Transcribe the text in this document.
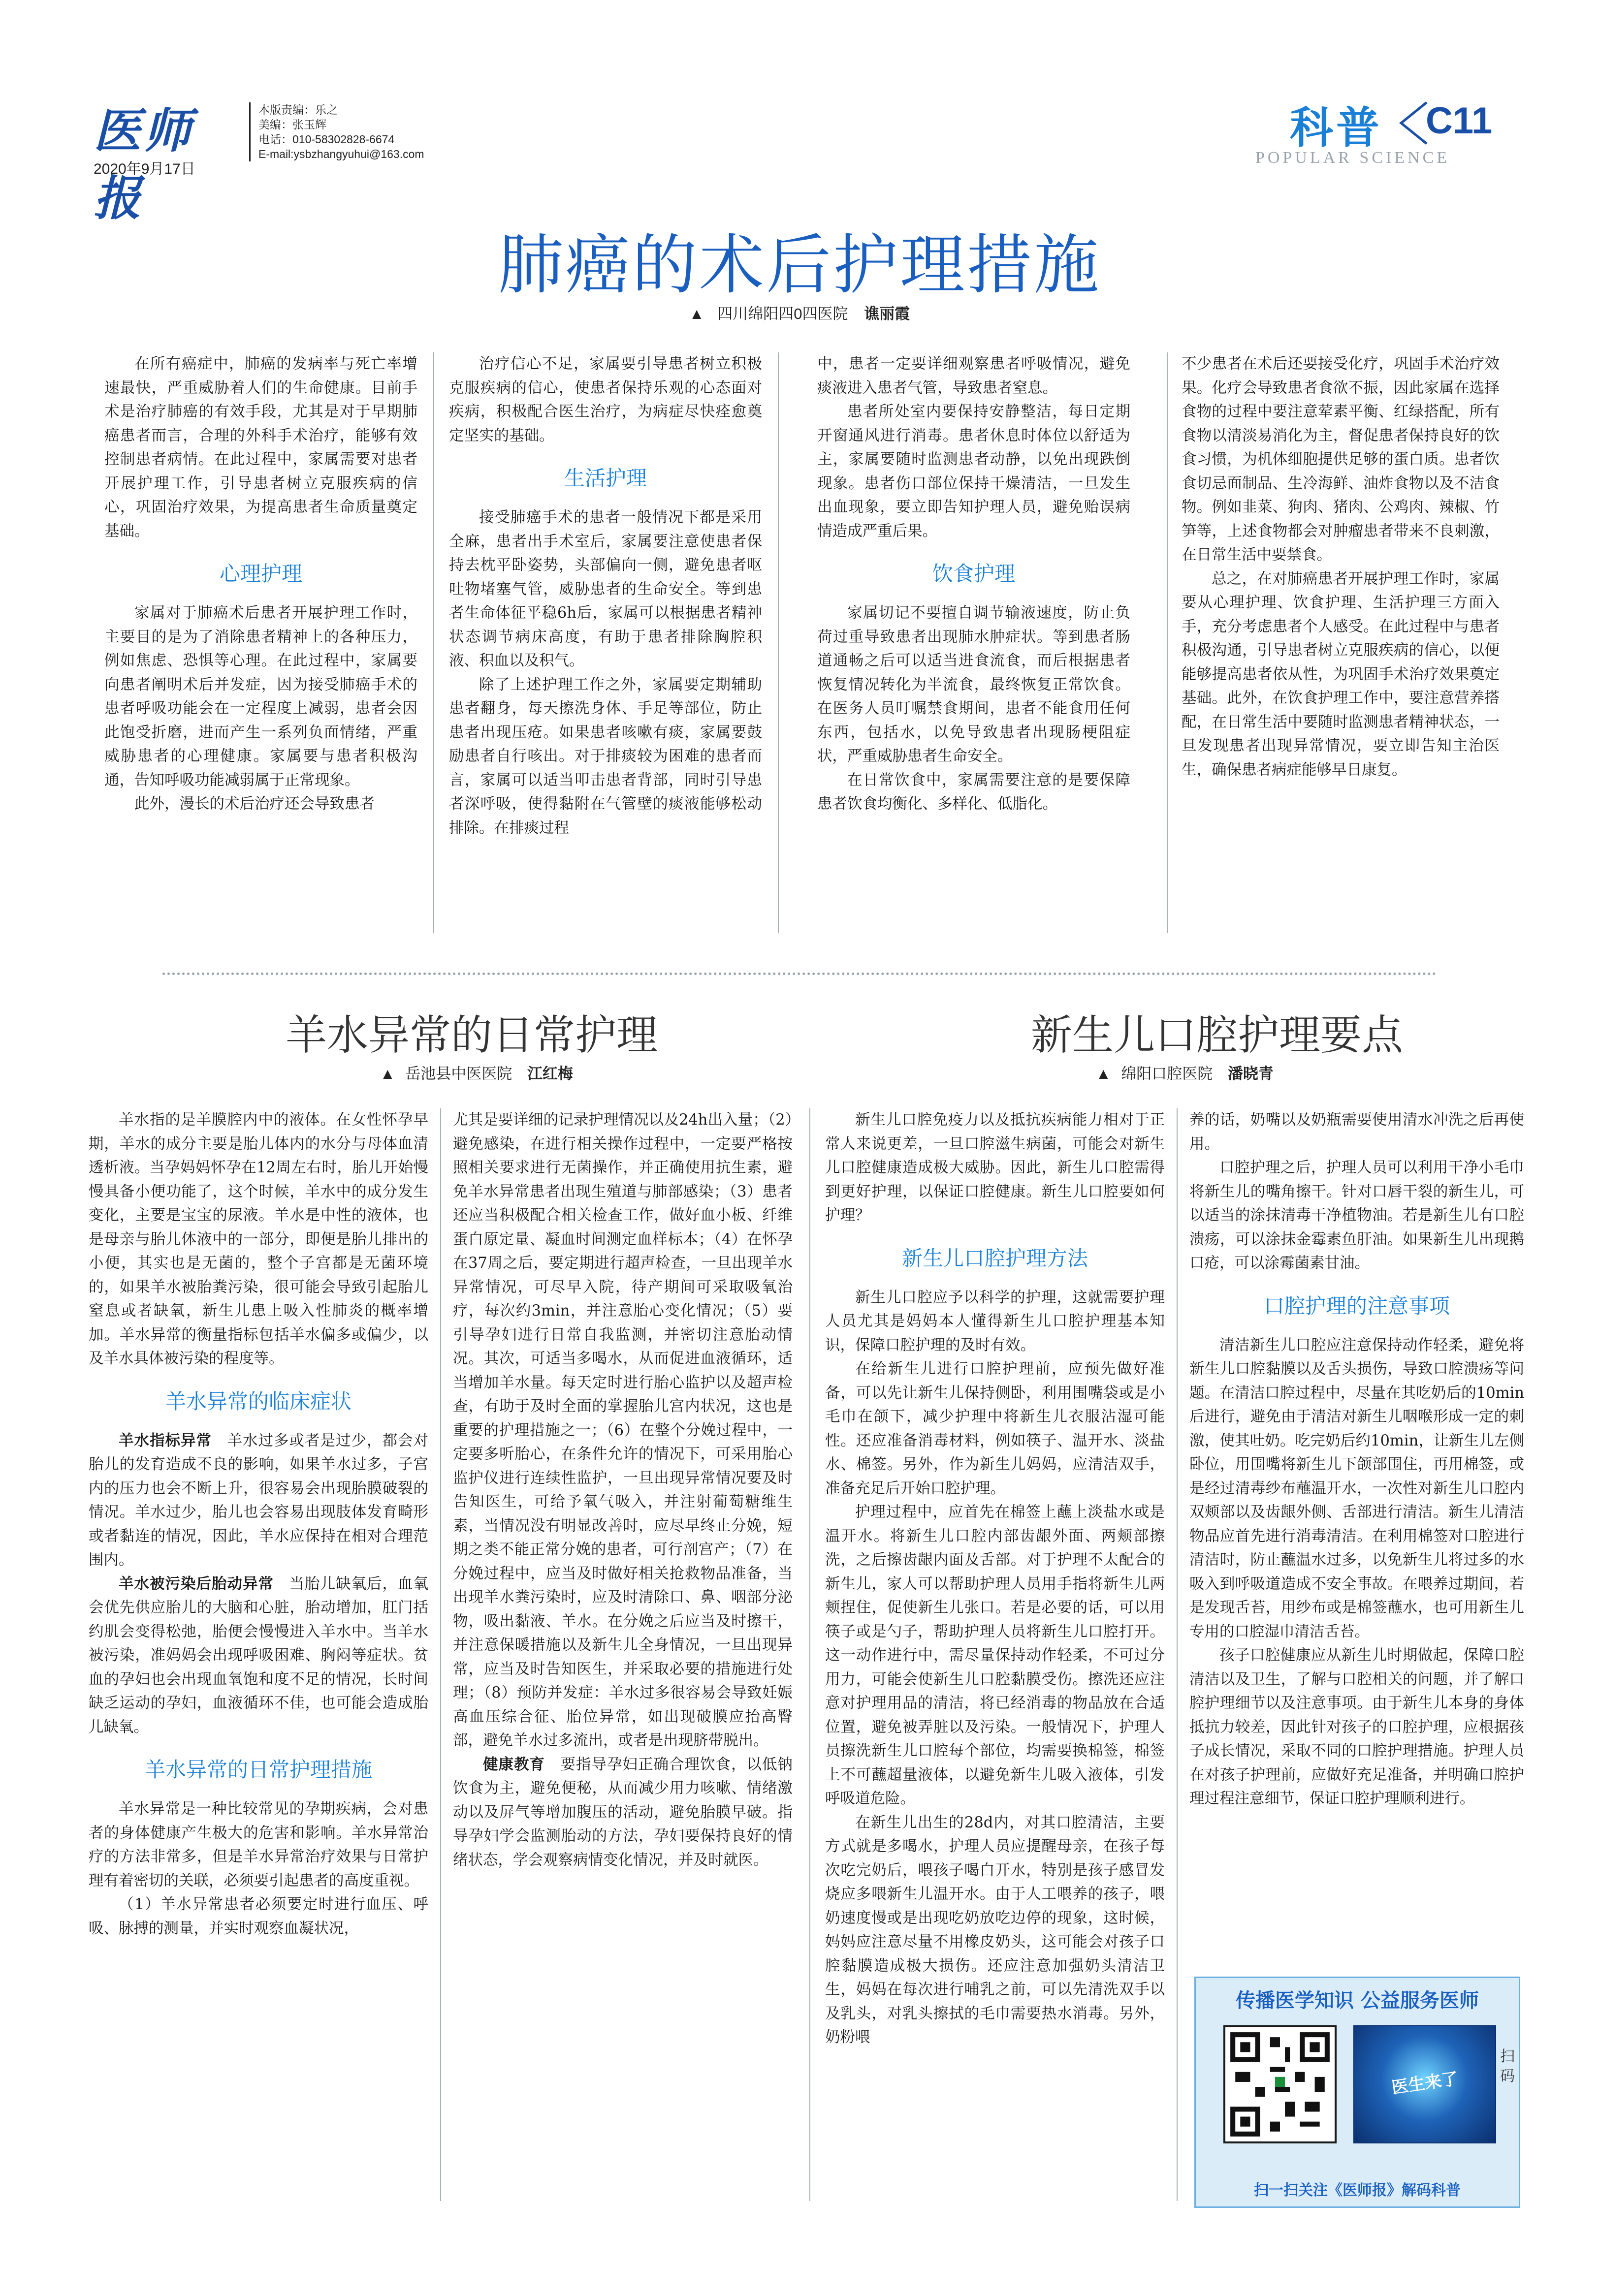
医师报
2020年9月17日
本版责编：乐之
美编：张玉辉
电话：010-58302828-6674
E-mail:ysbzhangyuhui@163.com
科普 C11
POPULAR SCIENCE
肺癌的术后护理措施
▲ 四川绵阳四0四医院 谯丽霞

在所有癌症中，肺癌的发病率与死亡率增速最快，严重威胁着人们的生命健康。目前手术是治疗肺癌的有效手段，尤其是对于早期肺癌患者而言，合理的外科手术治疗，能够有效控制患者病情。在此过程中，家属需要对患者开展护理工作，引导患者树立克服疾病的信心，巩固治疗效果，为提高患者生命质量奠定基础。

心理护理

家属对于肺癌术后患者开展护理工作时，主要目的是为了消除患者精神上的各种压力，例如焦虑、恐惧等心理。在此过程中，家属要向患者阐明术后并发症，因为接受肺癌手术的患者呼吸功能会在一定程度上减弱，患者会因此饱受折磨，进而产生一系列负面情绪，严重威胁患者的心理健康。家属要与患者积极沟通，告知呼吸功能减弱属于正常现象。

此外，漫长的术后治疗还会导致患者

治疗信心不足，家属要引导患者树立积极克服疾病的信心，使患者保持乐观的心态面对疾病，积极配合医生治疗，为病症尽快痊愈奠定坚实的基础。

生活护理

接受肺癌手术的患者一般情况下都是采用全麻，患者出手术室后，家属要注意使患者保持去枕平卧姿势，头部偏向一侧，避免患者呕吐物堵塞气管，威胁患者的生命安全。等到患者生命体征平稳6h后，家属可以根据患者精神状态调节病床高度，有助于患者排除胸腔积液、积血以及积气。

除了上述护理工作之外，家属要定期辅助患者翻身，每天擦洗身体、手足等部位，防止患者出现压疮。如果患者咳嗽有痰，家属要鼓励患者自行咳出。对于排痰较为困难的患者而言，家属可以适当叩击患者背部，同时引导患者深呼吸，使得黏附在气管壁的痰液能够松动排除。在排痰过程

中，患者一定要详细观察患者呼吸情况，避免痰液进入患者气管，导致患者窒息。

患者所处室内要保持安静整洁，每日定期开窗通风进行消毒。患者休息时体位以舒适为主，家属要随时监测患者动静，以免出现跌倒现象。患者伤口部位保持干燥清洁，一旦发生出血现象，要立即告知护理人员，避免贻误病情造成严重后果。

饮食护理

家属切记不要擅自调节输液速度，防止负荷过重导致患者出现肺水肿症状。等到患者肠道通畅之后可以适当进食流食，而后根据患者恢复情况转化为半流食，最终恢复正常饮食。在医务人员叮嘱禁食期间，患者不能食用任何东西，包括水，以免导致患者出现肠梗阻症状，严重威胁患者生命安全。

在日常饮食中，家属需要注意的是要保障患者饮食均衡化、多样化、低脂化。

不少患者在术后还要接受化疗，巩固手术治疗效果。化疗会导致患者食欲不振，因此家属在选择食物的过程中要注意荤素平衡、红绿搭配，所有食物以清淡易消化为主，督促患者保持良好的饮食习惯，为机体细胞提供足够的蛋白质。患者饮食切忌面制品、生冷海鲜、油炸食物以及不洁食物。例如韭菜、狗肉、猪肉、公鸡肉、辣椒、竹笋等，上述食物都会对肿瘤患者带来不良刺激，在日常生活中要禁食。

总之，在对肺癌患者开展护理工作时，家属要从心理护理、饮食护理、生活护理三方面入手，充分考虑患者个人感受。在此过程中与患者积极沟通，引导患者树立克服疾病的信心，以便能够提高患者依从性，为巩固手术治疗效果奠定基础。此外，在饮食护理工作中，要注意营养搭配，在日常生活中要随时监测患者精神状态，一旦发现患者出现异常情况，要立即告知主治医生，确保患者病症能够早日康复。

羊水异常的日常护理
▲ 岳池县中医医院 江红梅

羊水指的是羊膜腔内中的液体。在女性怀孕早期，羊水的成分主要是胎儿体内的水分与母体血清透析液。当孕妈妈怀孕在12周左右时，胎儿开始慢慢具备小便功能了，这个时候，羊水中的成分发生变化，主要是宝宝的尿液。羊水是中性的液体，也是母亲与胎儿体液中的一部分，即便是胎儿排出的小便，其实也是无菌的，整个子宫都是无菌环境的，如果羊水被胎粪污染，很可能会导致引起胎儿窒息或者缺氧，新生儿患上吸入性肺炎的概率增加。羊水异常的衡量指标包括羊水偏多或偏少，以及羊水具体被污染的程度等。

羊水异常的临床症状

羊水指标异常　 羊水过多或者是过少，都会对胎儿的发育造成不良的影响，如果羊水过多，子宫内的压力也会不断上升，很容易会出现胎膜破裂的情况。羊水过少，胎儿也会容易出现肢体发育畸形或者黏连的情况，因此，羊水应保持在相对合理范围内。

羊水被污染后胎动异常　 当胎儿缺氧后，血氧会优先供应胎儿的大脑和心脏，胎动增加，肛门括约肌会变得松弛，胎便会慢慢进入羊水中。当羊水被污染，准妈妈会出现呼吸困难、胸闷等症状。贫血的孕妇也会出现血氧饱和度不足的情况，长时间缺乏运动的孕妇，血液循环不佳，也可能会造成胎儿缺氧。

羊水异常的日常护理措施

羊水异常是一种比较常见的孕期疾病，会对患者的身体健康产生极大的危害和影响。羊水异常治疗的方法非常多，但是羊水异常治疗效果与日常护理有着密切的关联，必须要引起患者的高度重视。

（1）羊水异常患者必须要定时进行血压、呼吸、脉搏的测量，并实时观察血凝状况，

尤其是要详细的记录护理情况以及24h出入量；（2）避免感染，在进行相关操作过程中，一定要严格按照相关要求进行无菌操作，并正确使用抗生素，避免羊水异常患者出现生殖道与肺部感染；（3）患者还应当积极配合相关检查工作，做好血小板、纤维蛋白原定量、凝血时间测定血样标本；（4）在怀孕在37周之后，要定期进行超声检查，一旦出现羊水异常情况，可尽早入院，待产期间可采取吸氧治疗，每次约3min，并注意胎心变化情况；（5）要引导孕妇进行日常自我监测，并密切注意胎动情况。其次，可适当多喝水，从而促进血液循环，适当增加羊水量。每天定时进行胎心监护以及超声检查，有助于及时全面的掌握胎儿宫内状况，这也是重要的护理措施之一；（6）在整个分娩过程中，一定要多听胎心，在条件允许的情况下，可采用胎心监护仪进行连续性监护，一旦出现异常情况要及时告知医生，可给予氧气吸入，并注射葡萄糖维生素，当情况没有明显改善时，应尽早终止分娩，短期之类不能正常分娩的患者，可行剖宫产；（7）在分娩过程中，应当及时做好相关抢救物品准备，当出现羊水粪污染时，应及时清除口、鼻、咽部分泌物，吸出黏液、羊水。在分娩之后应当及时擦干，并注意保暖措施以及新生儿全身情况，一旦出现异常，应当及时告知医生，并采取必要的措施进行处理；（8）预防并发症：羊水过多很容易会导致妊娠高血压综合征、胎位异常，如出现破膜应抬高臀部，避免羊水过多流出，或者是出现脐带脱出。

健康教育　 要指导孕妇正确合理饮食，以低钠饮食为主，避免便秘，从而减少用力咳嗽、情绪激动以及屏气等增加腹压的活动，避免胎膜早破。指导孕妇学会监测胎动的方法，孕妇要保持良好的情绪状态，学会观察病情变化情况，并及时就医。

新生儿口腔护理要点
▲ 绵阳口腔医院 潘晓青

新生儿口腔免疫力以及抵抗疾病能力相对于正常人来说更差，一旦口腔滋生病菌，可能会对新生儿口腔健康造成极大威胁。因此，新生儿口腔需得到更好护理，以保证口腔健康。新生儿口腔要如何护理？

新生儿口腔护理方法

新生儿口腔应予以科学的护理，这就需要护理人员尤其是妈妈本人懂得新生儿口腔护理基本知识，保障口腔护理的及时有效。

在给新生儿进行口腔护理前，应预先做好准备，可以先让新生儿保持侧卧，利用围嘴袋或是小毛巾在颌下，减少护理中将新生儿衣服沾湿可能性。还应准备消毒材料，例如筷子、温开水、淡盐水、棉签。另外，作为新生儿妈妈，应清洁双手，准备充足后开始口腔护理。

护理过程中，应首先在棉签上蘸上淡盐水或是温开水。将新生儿口腔内部齿龈外面、两颊部擦洗，之后擦齿龈内面及舌部。对于护理不太配合的新生儿，家人可以帮助护理人员用手指将新生儿两颊捏住，促使新生儿张口。若是必要的话，可以用筷子或是勺子，帮助护理人员将新生儿口腔打开。这一动作进行中，需尽量保持动作轻柔，不可过分用力，可能会使新生儿口腔黏膜受伤。擦洗还应注意对护理用品的清洁，将已经消毒的物品放在合适位置，避免被弄脏以及污染。一般情况下，护理人员擦洗新生儿口腔每个部位，均需要换棉签，棉签上不可蘸超量液体，以避免新生儿吸入液体，引发呼吸道危险。

在新生儿出生的28d内，对其口腔清洁，主要方式就是多喝水，护理人员应提醒母亲，在孩子每次吃完奶后，喂孩子喝白开水，特别是孩子感冒发烧应多喂新生儿温开水。由于人工喂养的孩子，喂奶速度慢或是出现吃奶放吃边停的现象，这时候，妈妈应注意尽量不用橡皮奶头，这可能会对孩子口腔黏膜造成极大损伤。还应注意加强奶头清洁卫生，妈妈在每次进行哺乳之前，可以先清洗双手以及乳头，对乳头擦拭的毛巾需要热水消毒。另外，奶粉喂

养的话，奶嘴以及奶瓶需要使用清水冲洗之后再使用。

口腔护理之后，护理人员可以利用干净小毛巾将新生儿的嘴角擦干。针对口唇干裂的新生儿，可以适当的涂抹清毒干净植物油。若是新生儿有口腔溃疡，可以涂抹金霉素鱼肝油。如果新生儿出现鹅口疮，可以涂霉菌素甘油。

口腔护理的注意事项

清洁新生儿口腔应注意保持动作轻柔，避免将新生儿口腔黏膜以及舌头损伤，导致口腔溃疡等问题。在清洁口腔过程中，尽量在其吃奶后的10min后进行，避免由于清洁对新生儿咽喉形成一定的刺激，使其吐奶。吃完奶后约10min，让新生儿左侧卧位，用围嘴将新生儿下颌部围住，再用棉签，或是经过清毒纱布蘸温开水，一次性对新生儿口腔内双颊部以及齿龈外侧、舌部进行清洁。新生儿清洁物品应首先进行消毒清洁。在利用棉签对口腔进行清洁时，防止蘸温水过多，以免新生儿将过多的水吸入到呼吸道造成不安全事故。在喂养过期间，若是发现舌苔，用纱布或是棉签蘸水，也可用新生儿专用的口腔湿巾清洁舌苔。

孩子口腔健康应从新生儿时期做起，保障口腔清洁以及卫生，了解与口腔相关的问题，并了解口腔护理细节以及注意事项。由于新生儿本身的身体抵抗力较差，因此针对孩子的口腔护理，应根据孩子成长情况，采取不同的口腔护理措施。护理人员在对孩子护理前，应做好充足准备，并明确口腔护理过程注意细节，保证口腔护理顺利进行。

传播医学知识 公益服务医师
医生来了
扫码
扫一扫关注《医师报》解码科普
